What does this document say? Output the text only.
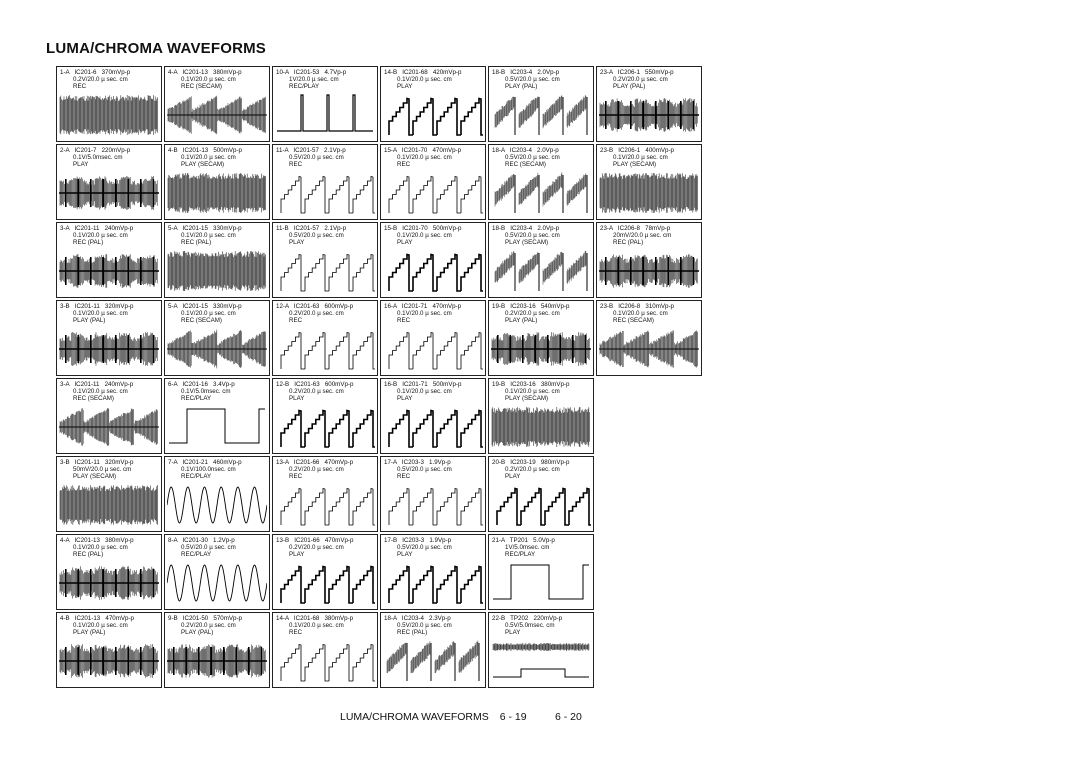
LUMA/CHROMA WAVEFORMS
1-A   IC201-6   370mVp-p
0.2V/20.0 µ sec. cm
REC
2-A   IC201-7   220mVp-p
0.1V/5.0msec. cm
PLAY
3-A   IC201-11   240mVp-p
0.1V/20.0 µ sec. cm
REC (PAL)
3-B   IC201-11   320mVp-p
0.1V/20.0 µ sec. cm
PLAY (PAL)
3-A   IC201-11   240mVp-p
0.1V/20.0 µ sec. cm
REC (SECAM)
3-B   IC201-11   320mVp-p
50mV/20.0 µ sec. cm
PLAY (SECAM)
4-A   IC201-13   380mVp-p
0.1V/20.0 µ sec. cm
REC (PAL)
4-B   IC201-13   470mVp-p
0.1V/20.0 µ sec. cm
PLAY (PAL)
4-A   IC201-13   380mVp-p
0.1V/20.0 µ sec. cm
REC (SECAM)
4-B   IC201-13   500mVp-p
0.1V/20.0 µ sec. cm
PLAY (SECAM)
5-A   IC201-15   330mVp-p
0.1V/20.0 µ sec. cm
REC (PAL)
5-A   IC201-15   330mVp-p
0.1V/20.0 µ sec. cm
REC (SECAM)
6-A   IC201-16   3.4Vp-p
0.1V/5.0msec. cm
REC/PLAY
7-A   IC201-21   460mVp-p
0.1V/100.0nsec. cm
REC/PLAY
8-A   IC201-30   1.2Vp-p
0.5V/20.0 µ sec. cm
REC/PLAY
9-B   IC201-50   570mVp-p
0.2V/20.0 µ sec. cm
PLAY (PAL)
10-A   IC201-53   4.7Vp-p
1V/20.0 µ sec. cm
REC/PLAY
11-A   IC201-57   2.1Vp-p
0.5V/20.0 µ sec. cm
REC
11-B   IC201-57   2.1Vp-p
0.5V/20.0 µ sec. cm
PLAY
12-A   IC201-63   600mVp-p
0.2V/20.0 µ sec. cm
REC
12-B   IC201-63   600mVp-p
0.2V/20.0 µ sec. cm
PLAY
13-A   IC201-66   470mVp-p
0.2V/20.0 µ sec. cm
REC
13-B   IC201-66   470mVp-p
0.2V/20.0 µ sec. cm
PLAY
14-A   IC201-68   380mVp-p
0.1V/20.0 µ sec. cm
REC
14-B   IC201-68   420mVp-p
0.1V/20.0 µ sec. cm
PLAY
15-A   IC201-70   470mVp-p
0.1V/20.0 µ sec. cm
REC
15-B   IC201-70   500mVp-p
0.1V/20.0 µ sec. cm
PLAY
16-A   IC201-71   470mVp-p
0.1V/20.0 µ sec. cm
REC
16-B   IC201-71   500mVp-p
0.1V/20.0 µ sec. cm
PLAY
17-A   IC203-3   1.9Vp-p
0.5V/20.0 µ sec. cm
REC
17-B   IC203-3   1.9Vp-p
0.5V/20.0 µ sec. cm
PLAY
18-A   IC203-4   2.3Vp-p
0.5V/20.0 µ sec. cm
REC (PAL)
18-B   IC203-4   2.0Vp-p
0.5V/20.0 µ sec. cm
PLAY (PAL)
18-A   IC203-4   2.0Vp-p
0.5V/20.0 µ sec. cm
REC (SECAM)
18-B   IC203-4   2.0Vp-p
0.5V/20.0 µ sec. cm
PLAY (SECAM)
19-B   IC203-16   540mVp-p
0.2V/20.0 µ sec. cm
PLAY (PAL)
19-B   IC203-16   380mVp-p
0.1V/20.0 µ sec. cm
PLAY (SECAM)
20-B   IC203-19   980mVp-p
0.2V/20.0 µ sec. cm
PLAY
21-A   TP201   5.0Vp-p
1V/5.0msec. cm
REC/PLAY
22-B   TP202   220mVp-p
0.5V/5.0msec. cm
PLAY
23-A   IC206-1   550mVp-p
0.2V/20.0 µ sec. cm
PLAY (PAL)
23-B   IC206-1   400mVp-p
0.1V/20.0 µ sec. cm
PLAY (SECAM)
23-A   IC206-8   78mVp-p
20mV/20.0 µ sec. cm
REC (PAL)
23-B   IC206-8   310mVp-p
0.1V/20.0 µ sec. cm
REC (SECAM)
LUMA/CHROMA WAVEFORMS 6 - 19	6 - 20
